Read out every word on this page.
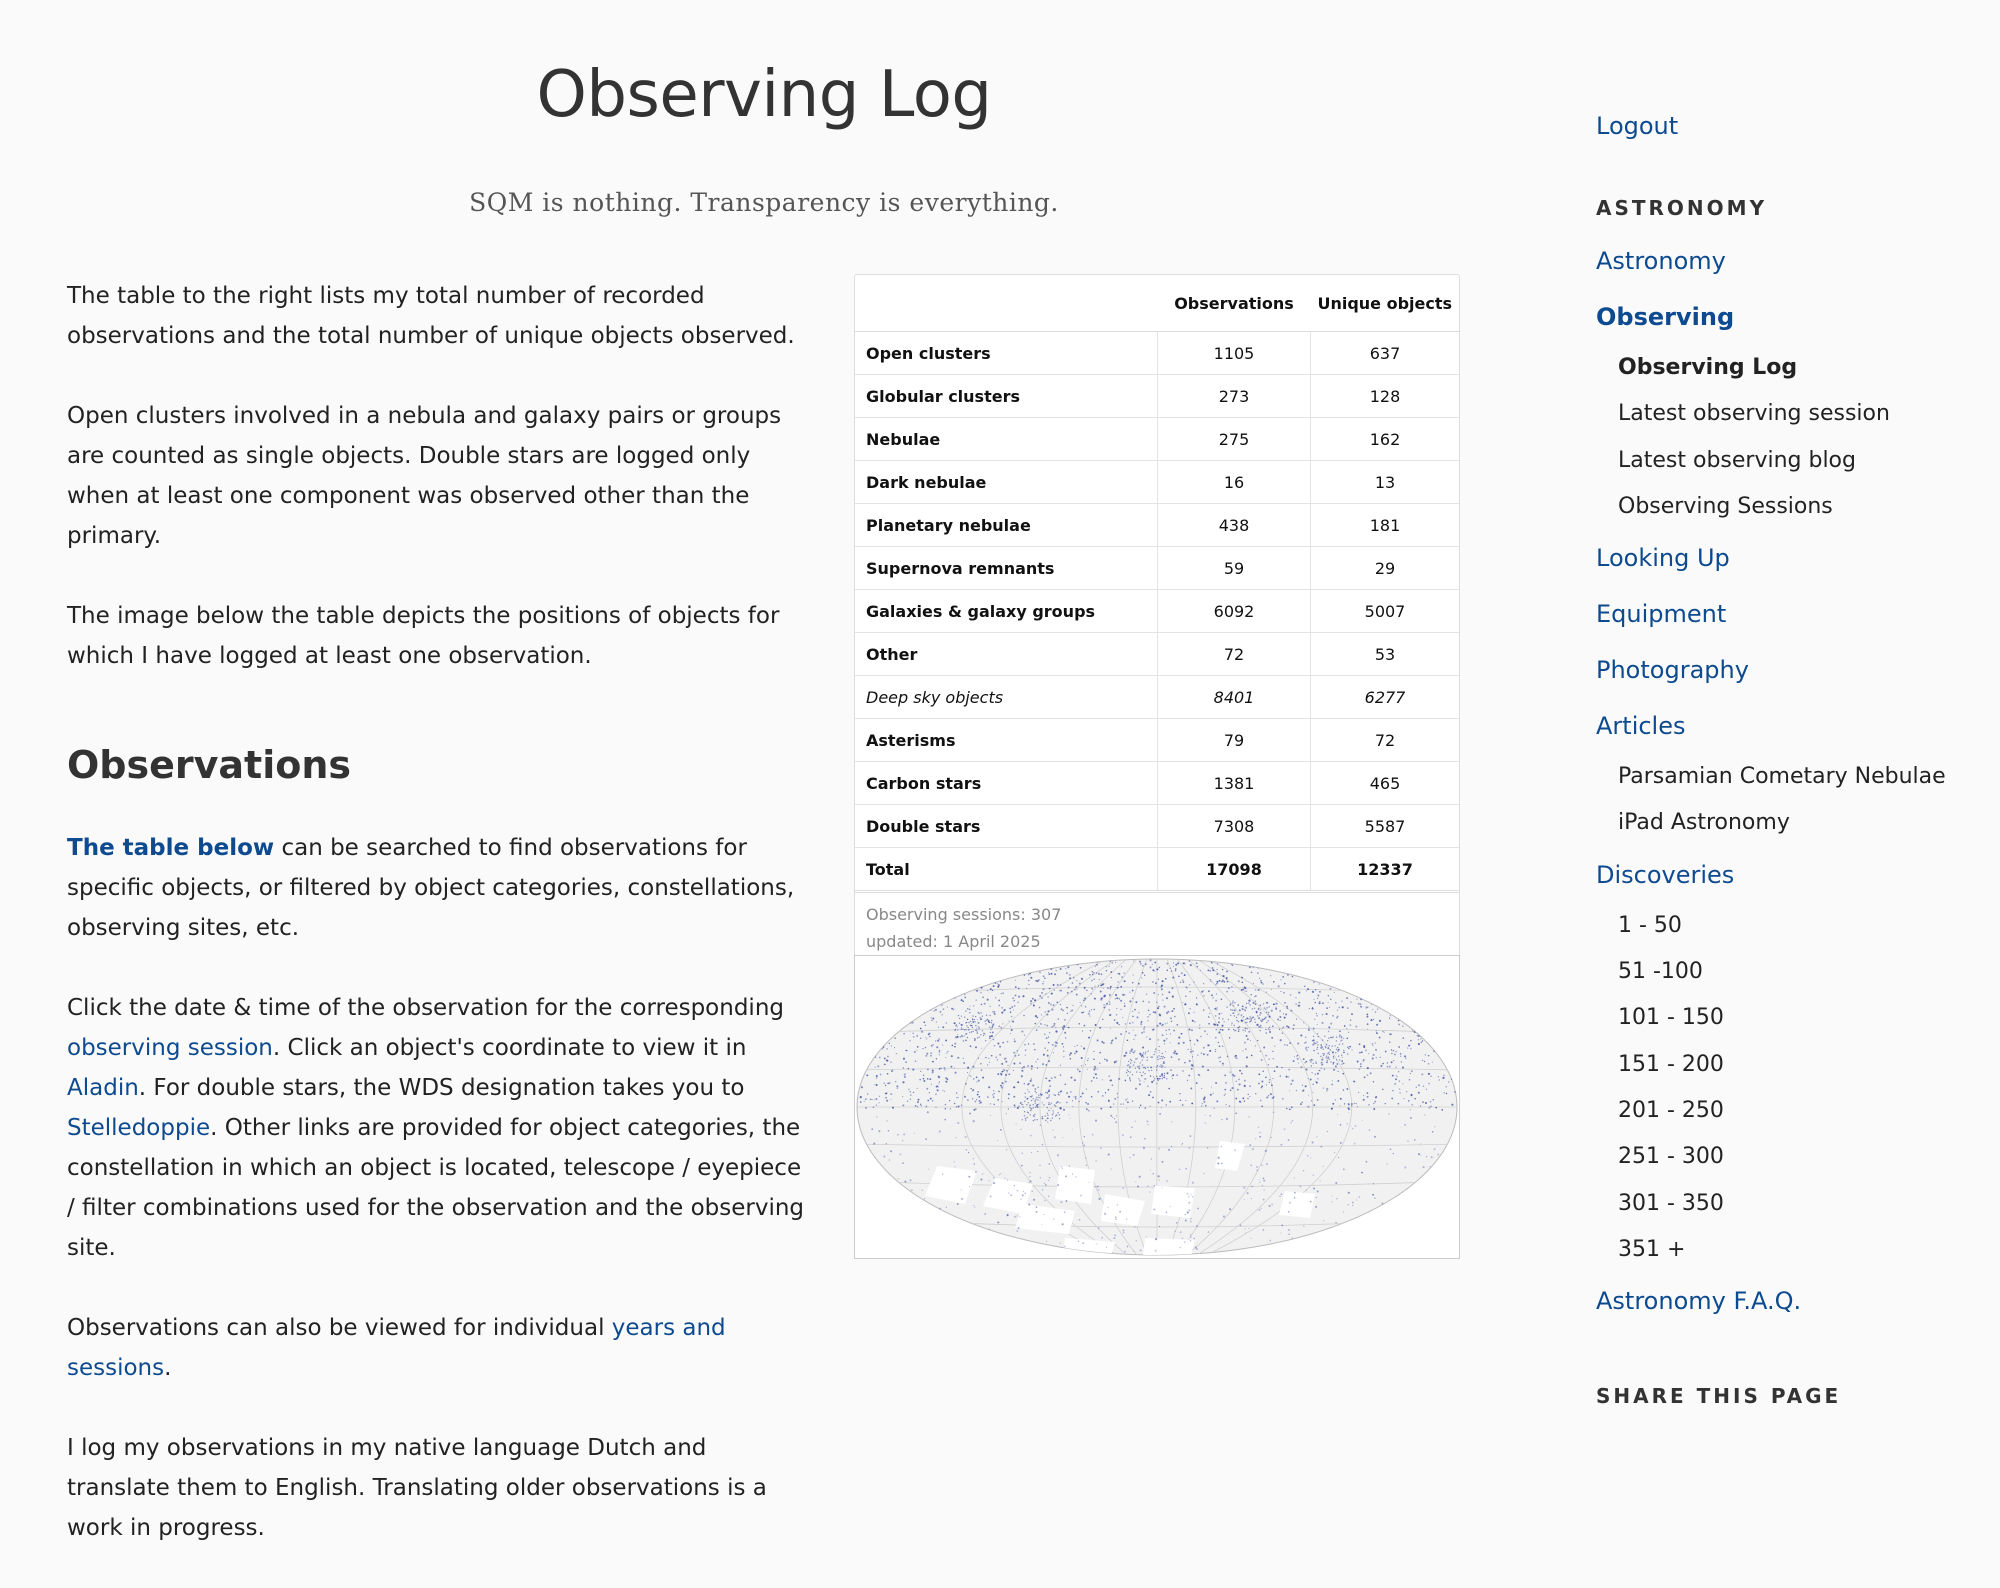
Observing Log
SQM is nothing. Transparency is everything.

The table to the right lists my total number of recorded observations and the total number of unique objects observed.

Open clusters involved in a nebula and galaxy pairs or groups are counted as single objects. Double stars are logged only when at least one component was observed other than the primary.

The image below the table depicts the positions of objects for which I have logged at least one observation.

Observations

The table below can be searched to find observations for specific objects, or filtered by object categories, constellations, observing sites, etc.

Click the date & time of the observation for the corresponding observing session. Click an object's coordinate to view it in Aladin. For double stars, the WDS designation takes you to Stelledoppie. Other links are provided for object categories, the constellation in which an object is located, telescope / eyepiece / filter combinations used for the observation and the observing site.

Observations can also be viewed for individual years and sessions.

I log my observations in my native language Dutch and translate them to English. Translating older observations is a work in progress.

	Observations	Unique objects
Open clusters	1105	637
Globular clusters	273	128
Nebulae	275	162
Dark nebulae	16	13
Planetary nebulae	438	181
Supernova remnants	59	29
Galaxies & galaxy groups	6092	5007
Other	72	53
Deep sky objects	8401	6277
Asterisms	79	72
Carbon stars	1381	465
Double stars	7308	5587
Total	17098	12337
Observing sessions: 307
updated: 1 April 2025
Logout
ASTRONOMY
Astronomy
Observing
Observing Log
Latest observing session
Latest observing blog
Observing Sessions
Looking Up
Equipment
Photography
Articles
Parsamian Cometary Nebulae
iPad Astronomy
Discoveries
1 - 50
51 -100
101 - 150
151 - 200
201 - 250
251 - 300
301 - 350
351 +
Astronomy F.A.Q.
SHARE THIS PAGE
